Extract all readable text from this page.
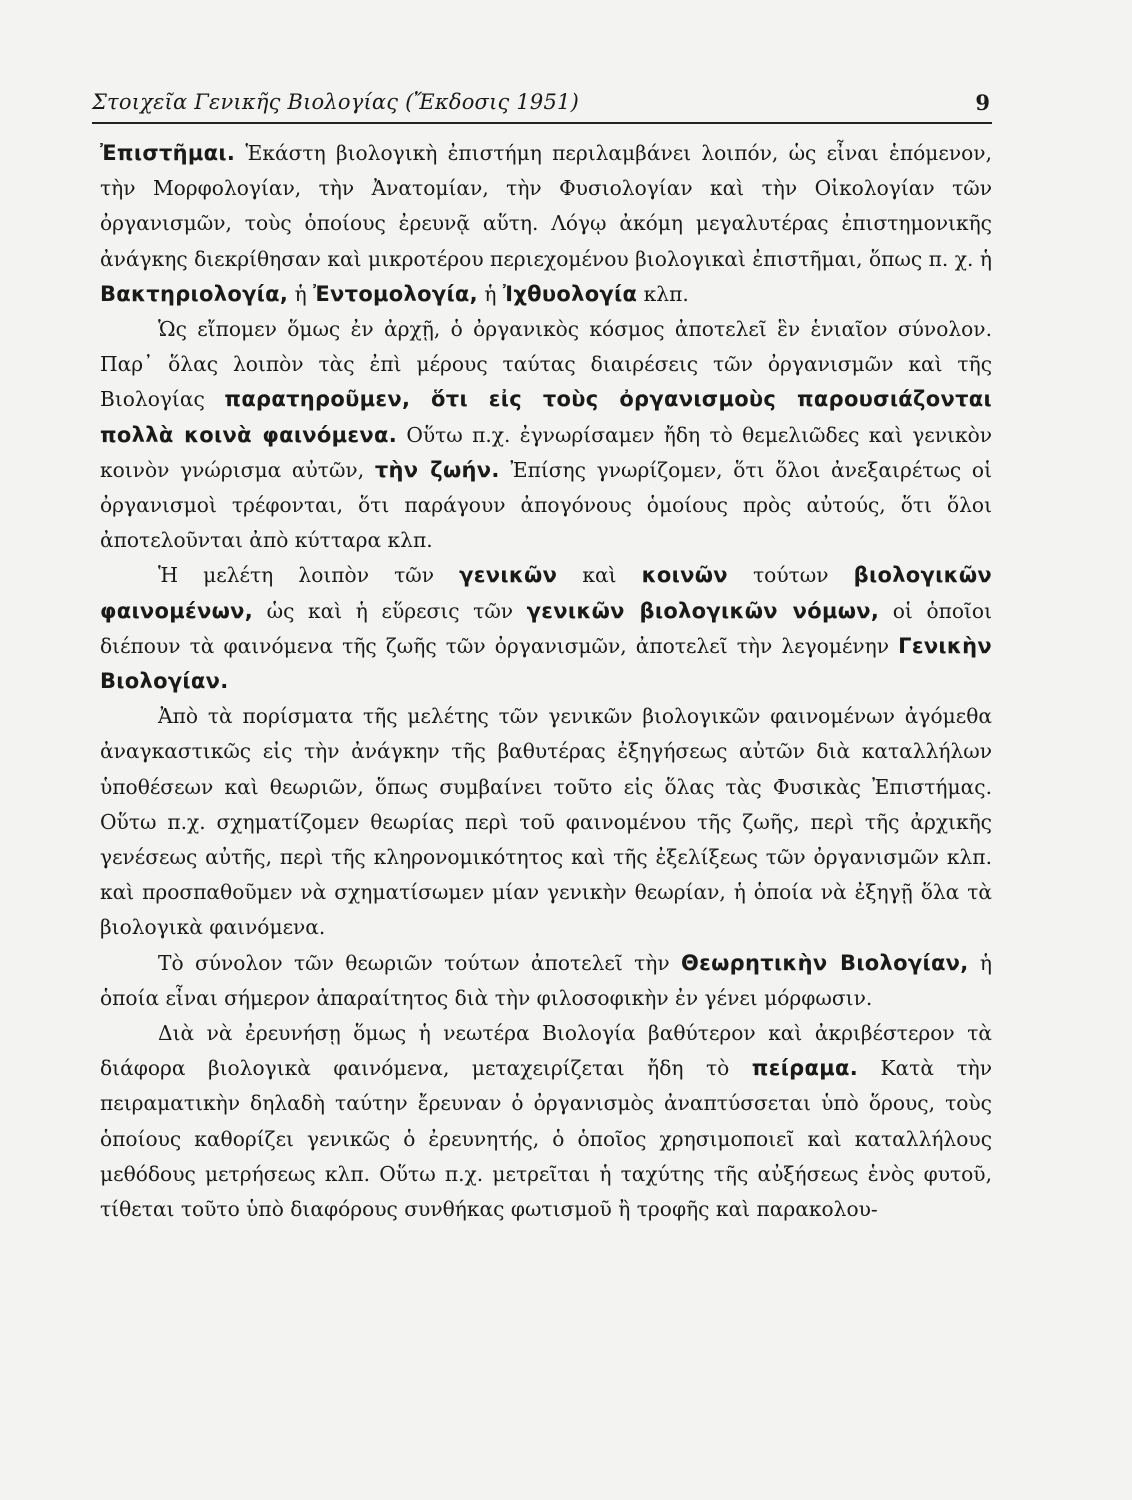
Στοιχεῖα Γενικῆς Βιολογίας (Ἔκδοσις 1951)	9

Ἐπιστῆμαι. Ἑκάστη βιολογικὴ ἐπιστήμη περιλαμβάνει λοιπόν, ὡς εἶναι ἑπόμενον, τὴν Μορφολογίαν, τὴν Ἀνατομίαν, τὴν Φυσιολογίαν καὶ τὴν Οἰκολογίαν τῶν ὀργανισμῶν, τοὺς ὁποίους ἐρευνᾷ αὕτη. Λόγῳ ἀκόμη μεγαλυτέρας ἐπιστημονικῆς ἀνάγκης διεκρίθησαν καὶ μικροτέρου περιεχομένου βιολογικαὶ ἐπιστῆμαι, ὅπως π. χ. ἡ Βακτηριολογία, ἡ Ἐντομολογία, ἡ Ἰχθυολογία κλπ.

Ὡς εἴπομεν ὅμως ἐν ἀρχῇ, ὁ ὀργανικὸς κόσμος ἀποτελεῖ ἓν ἑνιαῖον σύνολον. Παρ᾽ ὅλας λοιπὸν τὰς ἐπὶ μέρους ταύτας διαιρέσεις τῶν ὀργανισμῶν καὶ τῆς Βιολογίας παρατηροῦμεν, ὅτι εἰς τοὺς ὀργανισμοὺς παρουσιάζονται πολλὰ κοινὰ φαινόμενα. Οὕτω π.χ. ἐγνωρίσαμεν ἤδη τὸ θεμελιῶδες καὶ γενικὸν κοινὸν γνώρισμα αὐτῶν, τὴν ζωήν. Ἐπίσης γνωρίζομεν, ὅτι ὅλοι ἀνεξαιρέτως οἱ ὀργανισμοὶ τρέφονται, ὅτι παράγουν ἀπογόνους ὁμοίους πρὸς αὐτούς, ὅτι ὅλοι ἀποτελοῦνται ἀπὸ κύτταρα κλπ.

Ἡ μελέτη λοιπὸν τῶν γενικῶν καὶ κοινῶν τούτων βιολογικῶν φαινομένων, ὡς καὶ ἡ εὕρεσις τῶν γενικῶν βιολογικῶν νόμων, οἱ ὁποῖοι διέπουν τὰ φαινόμενα τῆς ζωῆς τῶν ὀργανισμῶν, ἀποτελεῖ τὴν λεγομένην Γενικὴν Βιολογίαν.

Ἀπὸ τὰ πορίσματα τῆς μελέτης τῶν γενικῶν βιολογικῶν φαινομένων ἀγόμεθα ἀναγκαστικῶς εἰς τὴν ἀνάγκην τῆς βαθυτέρας ἐξηγήσεως αὐτῶν διὰ καταλλήλων ὑποθέσεων καὶ θεωριῶν, ὅπως συμβαίνει τοῦτο εἰς ὅλας τὰς Φυσικὰς Ἐπιστήμας. Οὕτω π.χ. σχηματίζομεν θεωρίας περὶ τοῦ φαινομένου τῆς ζωῆς, περὶ τῆς ἀρχικῆς γενέσεως αὐτῆς, περὶ τῆς κληρονομικότητος καὶ τῆς ἐξελίξεως τῶν ὀργανισμῶν κλπ. καὶ προσπαθοῦμεν νὰ σχηματίσωμεν μίαν γενικὴν θεωρίαν, ἡ ὁποία νὰ ἐξηγῇ ὅλα τὰ βιολογικὰ φαινόμενα.

Τὸ σύνολον τῶν θεωριῶν τούτων ἀποτελεῖ τὴν Θεωρητικὴν Βιολογίαν, ἡ ὁποία εἶναι σήμερον ἀπαραίτητος διὰ τὴν φιλοσοφικὴν ἐν γένει μόρφωσιν.

Διὰ νὰ ἐρευνήσῃ ὅμως ἡ νεωτέρα Βιολογία βαθύτερον καὶ ἀκριβέστερον τὰ διάφορα βιολογικὰ φαινόμενα, μεταχειρίζεται ἤδη τὸ πείραμα. Κατὰ τὴν πειραματικὴν δηλαδὴ ταύτην ἔρευναν ὁ ὀργανισμὸς ἀναπτύσσεται ὑπὸ ὅρους, τοὺς ὁποίους καθορίζει γενικῶς ὁ ἐρευνητής, ὁ ὁποῖος χρησιμοποιεῖ καὶ καταλλήλους μεθόδους μετρήσεως κλπ. Οὕτω π.χ. μετρεῖται ἡ ταχύτης τῆς αὐξήσεως ἑνὸς φυτοῦ, τίθεται τοῦτο ὑπὸ διαφόρους συνθήκας φωτισμοῦ ἢ τροφῆς καὶ παρακολου-
